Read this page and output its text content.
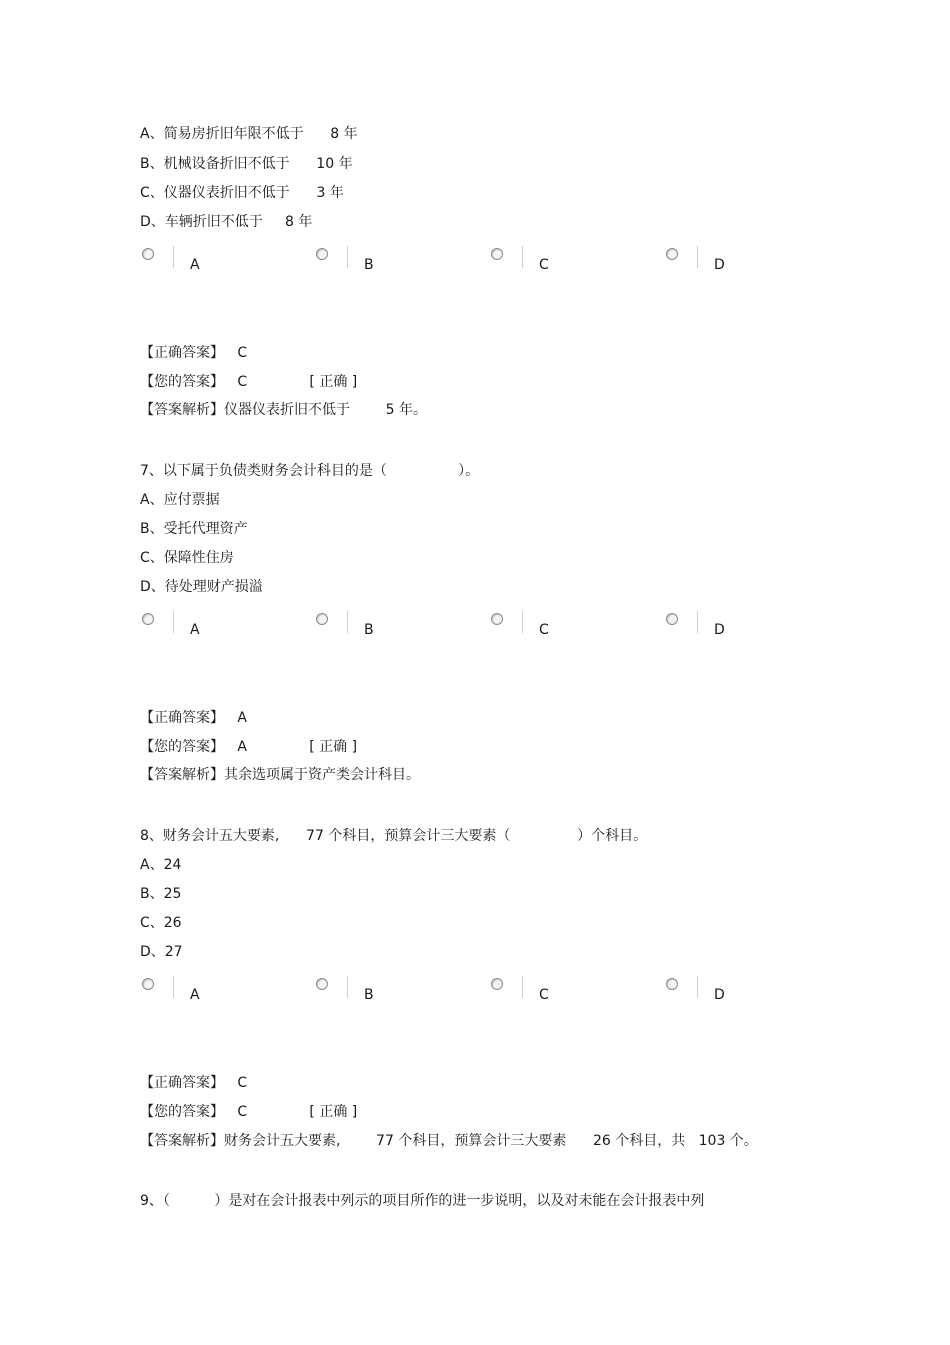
A、简易房折旧年限不低于      8 年
B、机械设备折旧不低于      10 年
C、仪器仪表折旧不低于      3 年
D、车辆折旧不低于     8 年
A	B	C	D
【正确答案】   C
【您的答案】   C              [ 正确 ]
【答案解析】仪器仪表折旧不低于        5 年。
7、以下属于负债类财务会计科目的是（                ）。
A、应付票据
B、受托代理资产
C、保障性住房
D、待处理财产损溢
A	B	C	D
【正确答案】   A
【您的答案】   A              [ 正确 ]
【答案解析】其余选项属于资产类会计科目。
8、财务会计五大要素,      77 个科目，预算会计三大要素（               ）个科目。
A、24
B、25
C、26
D、27
A	B	C	D
【正确答案】   C
【您的答案】   C              [ 正确 ]
【答案解析】财务会计五大要素,        77 个科目，预算会计三大要素      26 个科目，共   103 个。
9、（          ）是对在会计报表中列示的项目所作的进一步说明，以及对未能在会计报表中列
